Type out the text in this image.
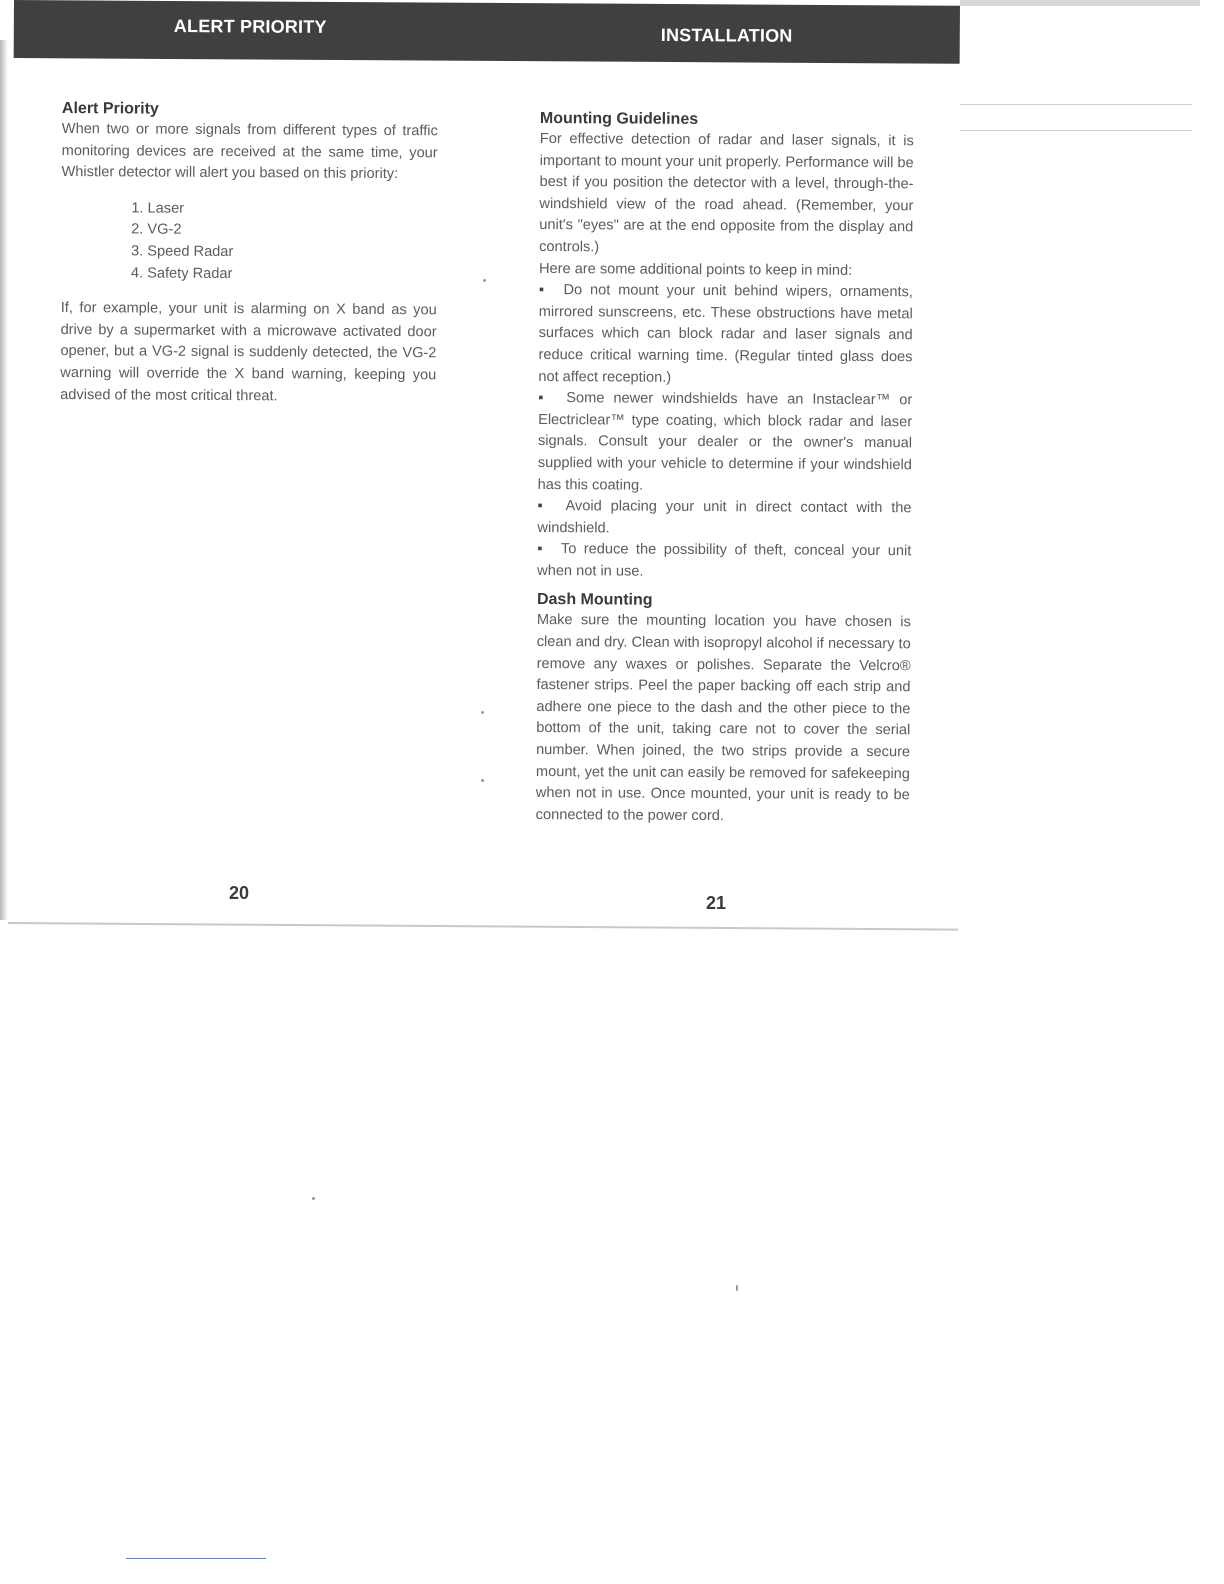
ALERT PRIORITY	INSTALLATION
Alert Priority

When two or more signals from different types of traffic monitoring devices are received at the same time, your Whistler detector will alert you based on this priority:

1. Laser
2. VG-2
3. Speed Radar
4. Safety Radar

If, for example, your unit is alarming on X band as you drive by a supermarket with a microwave activated door opener, but a VG-2 signal is suddenly detected, the VG-2 warning will override the X band warning, keeping you advised of the most critical threat.

20
Mounting Guidelines

For effective detection of radar and laser signals, it is important to mount your unit properly. Performance will be best if you position the detector with a level, through-the-windshield view of the road ahead. (Remember, your unit's "eyes" are at the end opposite from the display and controls.)

Here are some additional points to keep in mind:

▪  Do not mount your unit behind wipers, ornaments, mirrored sunscreens, etc. These obstructions have metal surfaces which can block radar and laser signals and reduce critical warning time. (Regular tinted glass does not affect reception.)

▪  Some newer windshields have an Instaclear™ or Electriclear™ type coating, which block radar and laser signals. Consult your dealer or the owner's manual supplied with your vehicle to determine if your windshield has this coating.

▪  Avoid placing your unit in direct contact with the windshield.

▪  To reduce the possibility of theft, conceal your unit when not in use.

Dash Mounting

Make sure the mounting location you have chosen is clean and dry. Clean with isopropyl alcohol if necessary to remove any waxes or polishes. Separate the Velcro® fastener strips. Peel the paper backing off each strip and adhere one piece to the dash and the other piece to the bottom of the unit, taking care not to cover the serial number. When joined, the two strips provide a secure mount, yet the unit can easily be removed for safekeeping when not in use. Once mounted, your unit is ready to be connected to the power cord.

21
